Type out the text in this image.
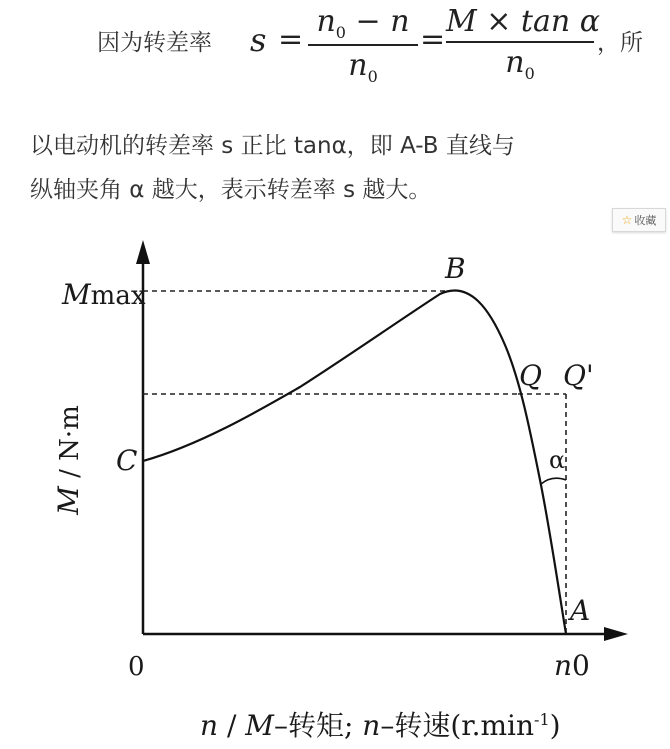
因为转差率 s =
$n_0 - n$
$n_0$
=
M × tan α
$n_0$
，所
以电动机的转差率 s 正比 tanα，即 A-B 直线与
纵轴夹角 α 越大，表示转差率 s 越大。
☆ 收藏
Mmax
B
C
Q Q'
A
α
0	n0
M / N·m
n / M–转矩; n–转速$(r.\min^{-1})$
